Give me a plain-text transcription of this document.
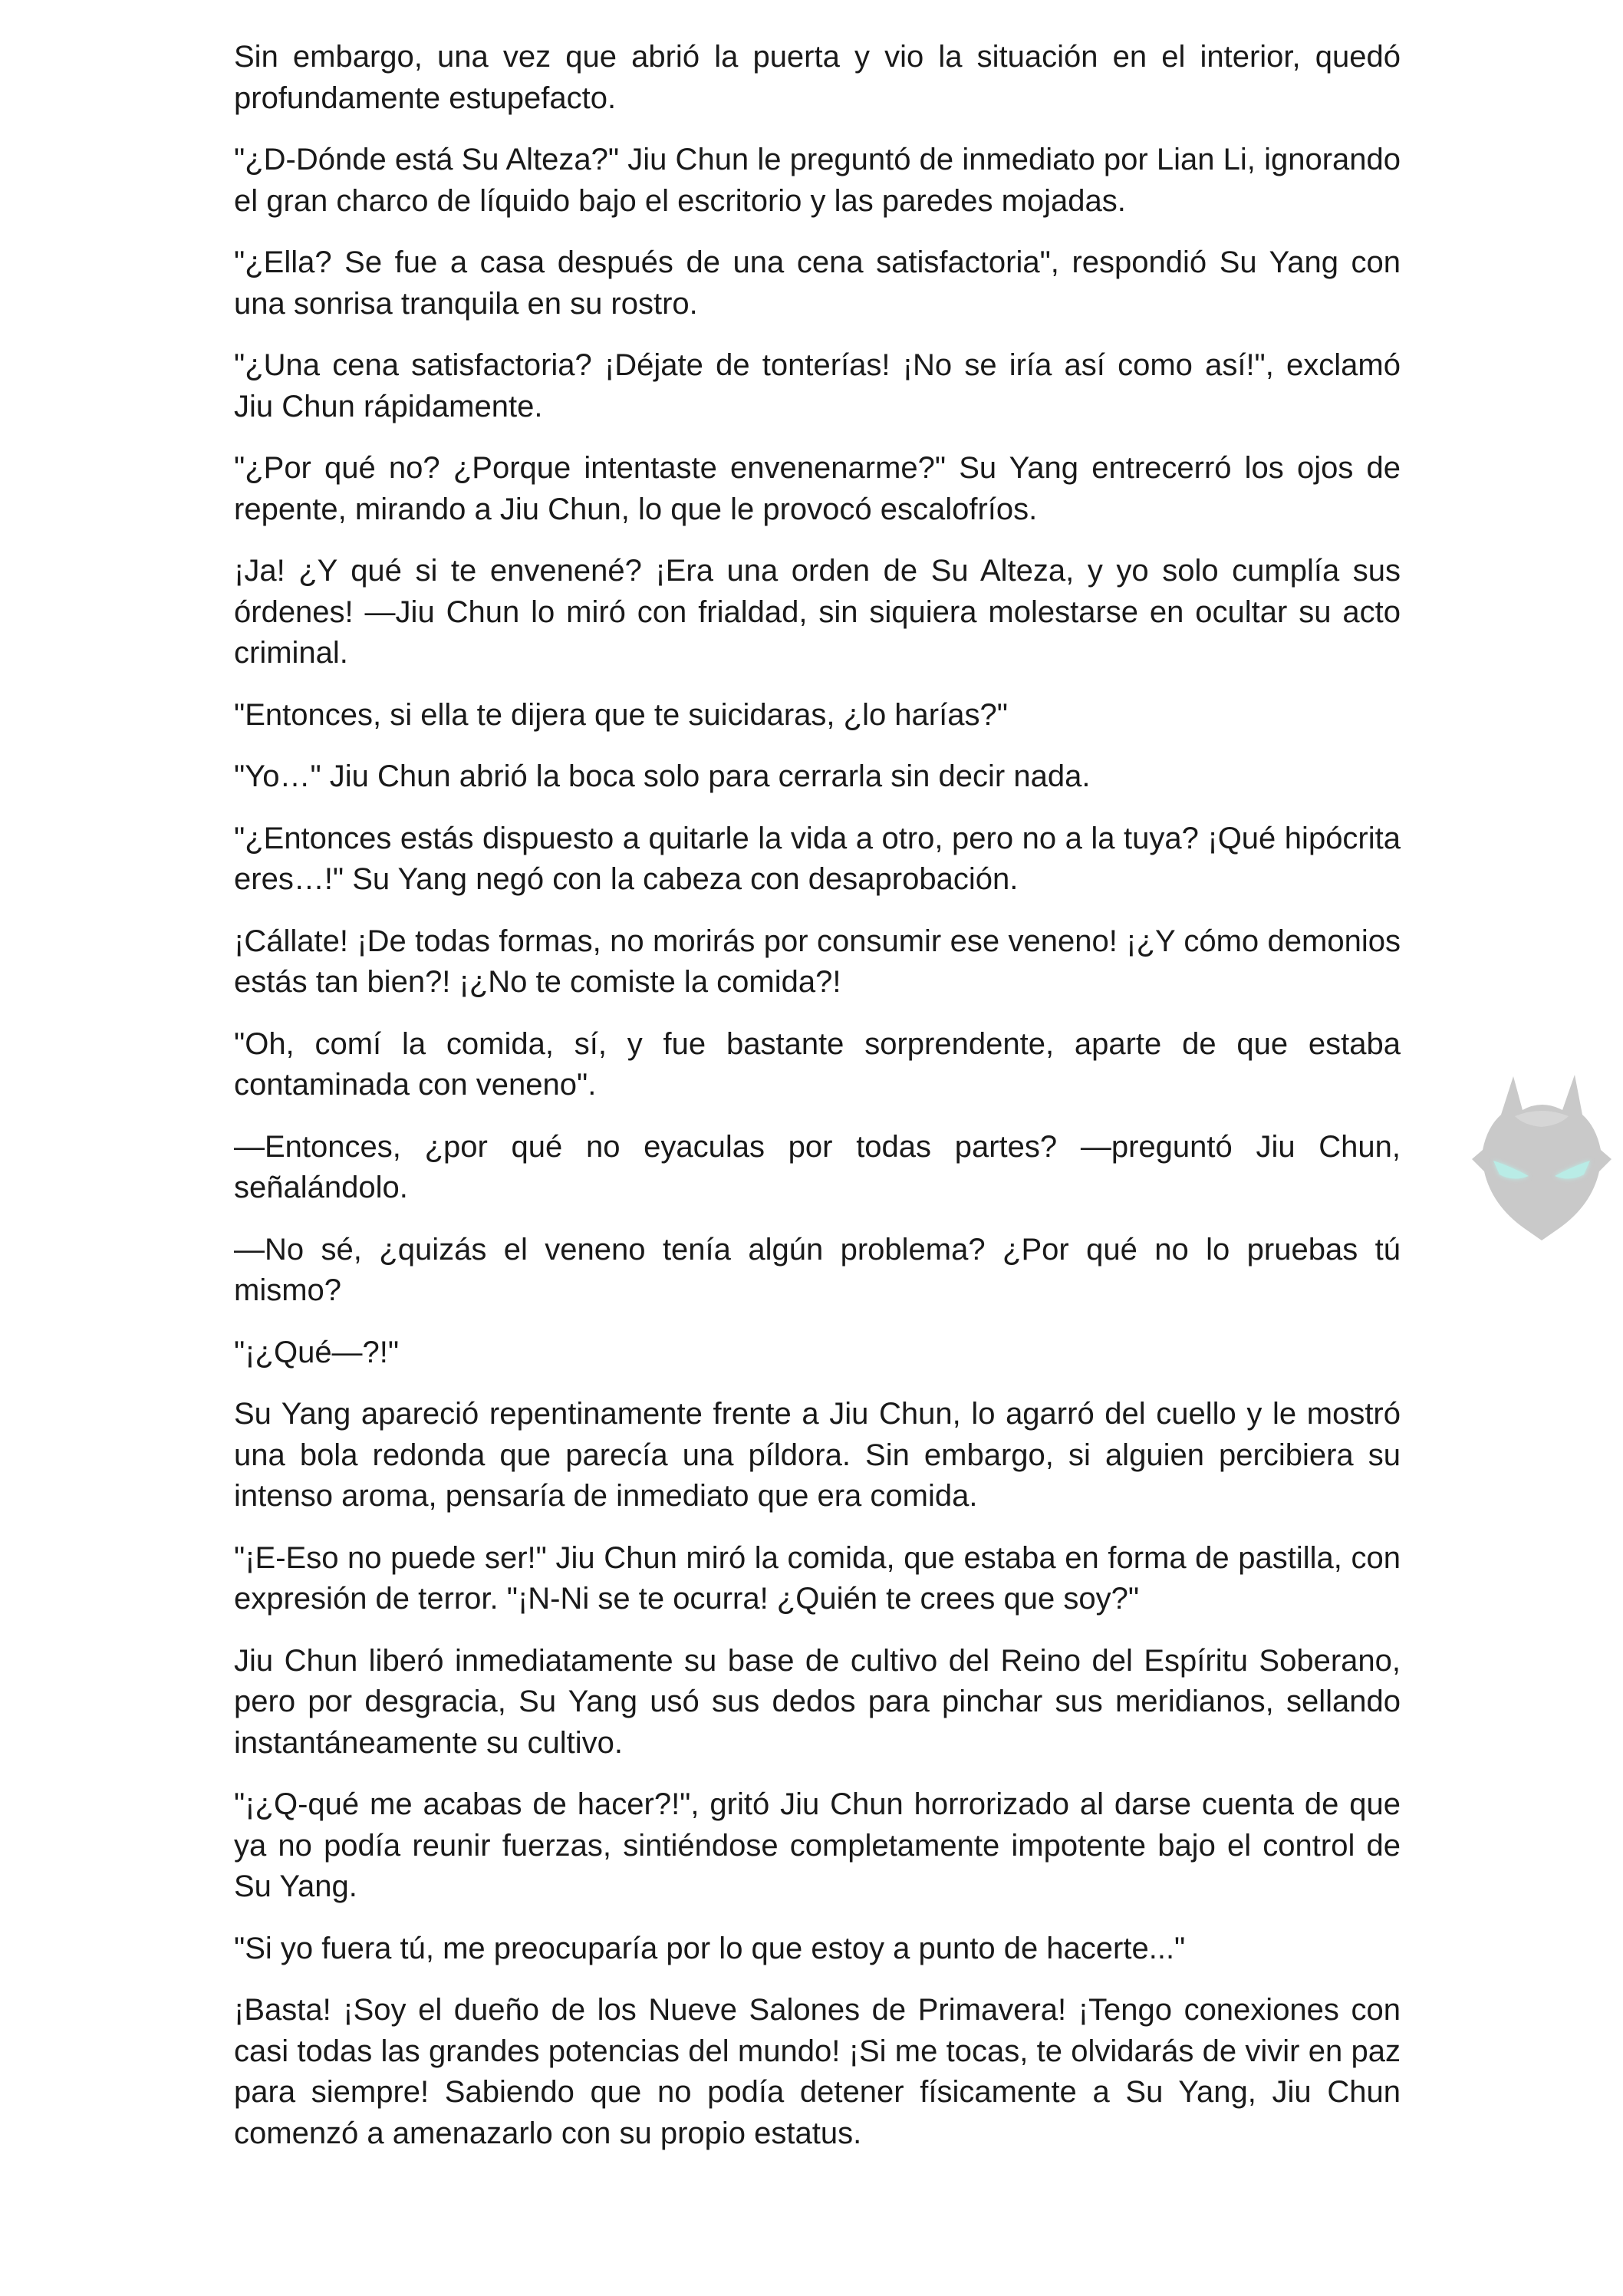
Sin embargo, una vez que abrió la puerta y vio la situación en el interior, quedó profundamente estupefacto.

"¿D-Dónde está Su Alteza?" Jiu Chun le preguntó de inmediato por Lian Li, ignorando el gran charco de líquido bajo el escritorio y las paredes mojadas.

"¿Ella? Se fue a casa después de una cena satisfactoria", respondió Su Yang con una sonrisa tranquila en su rostro.

"¿Una cena satisfactoria? ¡Déjate de tonterías! ¡No se iría así como así!", exclamó Jiu Chun rápidamente.

"¿Por qué no? ¿Porque intentaste envenenarme?" Su Yang entrecerró los ojos de repente, mirando a Jiu Chun, lo que le provocó escalofríos.

¡Ja! ¿Y qué si te envenené? ¡Era una orden de Su Alteza, y yo solo cumplía sus órdenes! —Jiu Chun lo miró con frialdad, sin siquiera molestarse en ocultar su acto criminal.

"Entonces, si ella te dijera que te suicidaras, ¿lo harías?"

"Yo…" Jiu Chun abrió la boca solo para cerrarla sin decir nada.

"¿Entonces estás dispuesto a quitarle la vida a otro, pero no a la tuya? ¡Qué hipócrita eres…!" Su Yang negó con la cabeza con desaprobación.

¡Cállate! ¡De todas formas, no morirás por consumir ese veneno! ¡¿Y cómo demonios estás tan bien?! ¡¿No te comiste la comida?!

"Oh, comí la comida, sí, y fue bastante sorprendente, aparte de que estaba contaminada con veneno".

—Entonces, ¿por qué no eyaculas por todas partes? —preguntó Jiu Chun, señalándolo.

—No sé, ¿quizás el veneno tenía algún problema? ¿Por qué no lo pruebas tú mismo?

"¡¿Qué—?!"

Su Yang apareció repentinamente frente a Jiu Chun, lo agarró del cuello y le mostró una bola redonda que parecía una píldora. Sin embargo, si alguien percibiera su intenso aroma, pensaría de inmediato que era comida.

"¡E-Eso no puede ser!" Jiu Chun miró la comida, que estaba en forma de pastilla, con expresión de terror. "¡N-Ni se te ocurra! ¿Quién te crees que soy?"

Jiu Chun liberó inmediatamente su base de cultivo del Reino del Espíritu Soberano, pero por desgracia, Su Yang usó sus dedos para pinchar sus meridianos, sellando instantáneamente su cultivo.

"¡¿Q-qué me acabas de hacer?!", gritó Jiu Chun horrorizado al darse cuenta de que ya no podía reunir fuerzas, sintiéndose completamente impotente bajo el control de Su Yang.

"Si yo fuera tú, me preocuparía por lo que estoy a punto de hacerte..."

¡Basta! ¡Soy el dueño de los Nueve Salones de Primavera! ¡Tengo conexiones con casi todas las grandes potencias del mundo! ¡Si me tocas, te olvidarás de vivir en paz para siempre! Sabiendo que no podía detener físicamente a Su Yang, Jiu Chun comenzó a amenazarlo con su propio estatus.
